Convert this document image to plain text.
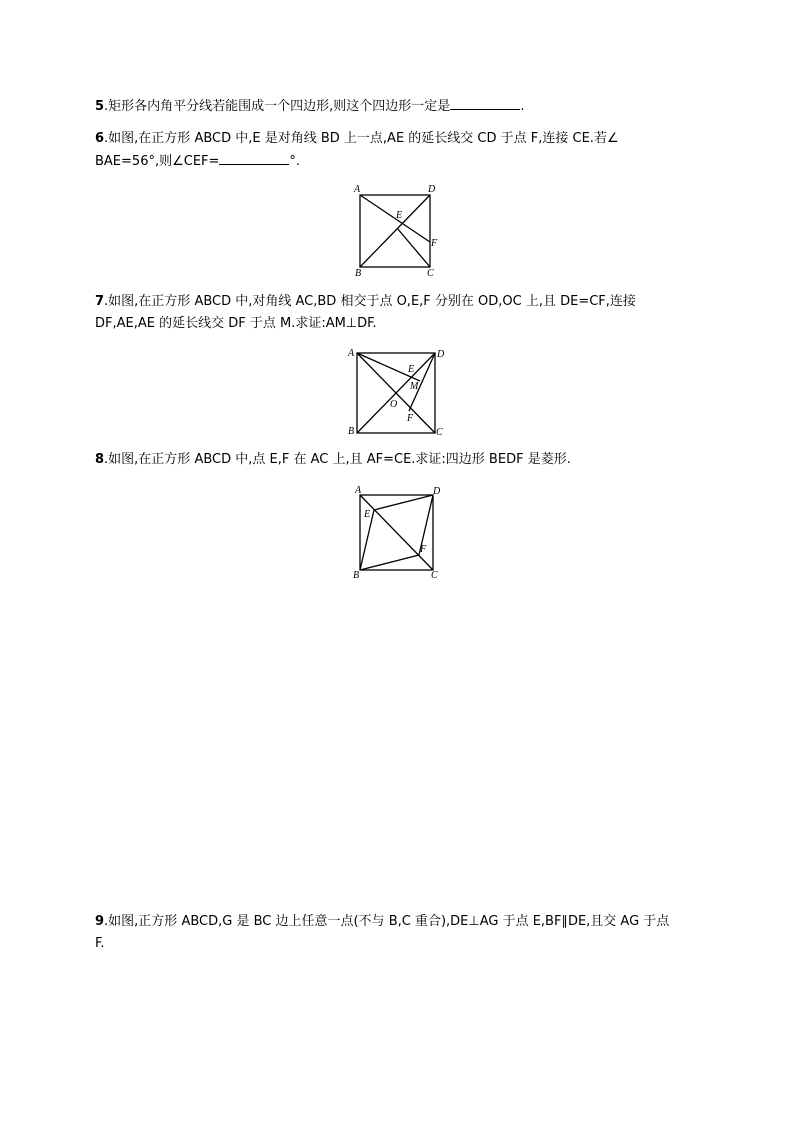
5.矩形各内角平分线若能围成一个四边形,则这个四边形一定是	.
6.如图,在正方形 ABCD 中,E 是对角线 BD 上一点,AE 的延长线交 CD 于点 F,连接 CE.若∠
BAE=56°,则∠CEF=	°.
A	D
B	C
E
F
7.如图,在正方形 ABCD 中,对角线 AC,BD 相交于点 O,E,F 分别在 OD,OC 上,且 DE=CF,连接
DF,AE,AE 的延长线交 DF 于点 M.求证:AM⊥DF.
A	D
B	C
E
M
O
F
8.如图,在正方形 ABCD 中,点 E,F 在 AC 上,且 AF=CE.求证:四边形 BEDF 是菱形.
A	D
B	C
E
F
9.如图,正方形 ABCD,G 是 BC 边上任意一点(不与 B,C 重合),DE⊥AG 于点 E,BF∥DE,且交 AG 于点
F.
